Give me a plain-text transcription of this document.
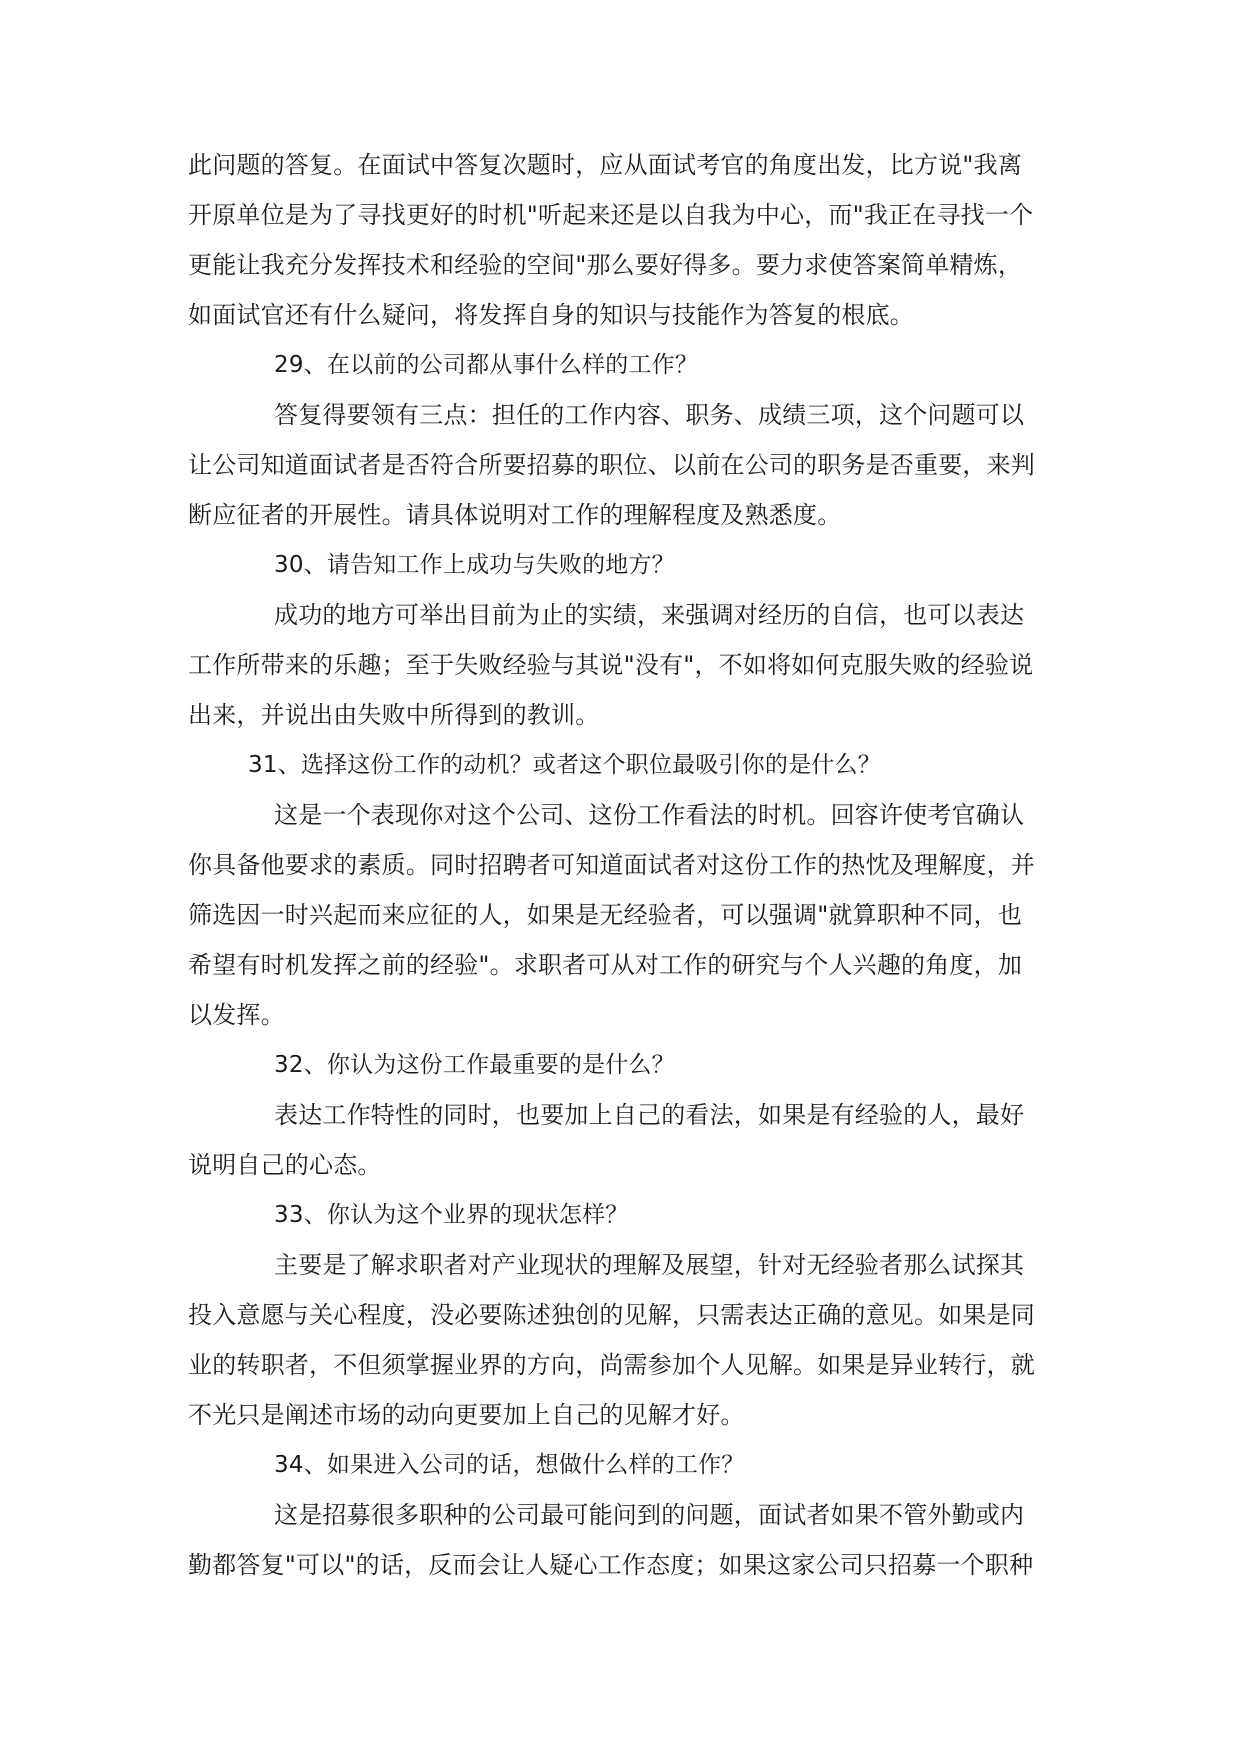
此问题的答复。在面试中答复次题时，应从面试考官的角度出发，比方说"我离
开原单位是为了寻找更好的时机"听起来还是以自我为中心，而"我正在寻找一个
更能让我充分发挥技术和经验的空间"那么要好得多。要力求使答案简单精炼，
如面试官还有什么疑问，将发挥自身的知识与技能作为答复的根底。
29、在以前的公司都从事什么样的工作？
答复得要领有三点：担任的工作内容、职务、成绩三项，这个问题可以
让公司知道面试者是否符合所要招募的职位、以前在公司的职务是否重要，来判
断应征者的开展性。请具体说明对工作的理解程度及熟悉度。
30、请告知工作上成功与失败的地方？
成功的地方可举出目前为止的实绩，来强调对经历的自信，也可以表达
工作所带来的乐趣；至于失败经验与其说"没有"，不如将如何克服失败的经验说
出来，并说出由失败中所得到的教训。
31、选择这份工作的动机？或者这个职位最吸引你的是什么？
这是一个表现你对这个公司、这份工作看法的时机。回容许使考官确认
你具备他要求的素质。同时招聘者可知道面试者对这份工作的热忱及理解度，并
筛选因一时兴起而来应征的人，如果是无经验者，可以强调"就算职种不同，也
希望有时机发挥之前的经验"。求职者可从对工作的研究与个人兴趣的角度，加
以发挥。
32、你认为这份工作最重要的是什么？
表达工作特性的同时，也要加上自己的看法，如果是有经验的人，最好
说明自己的心态。
33、你认为这个业界的现状怎样？
主要是了解求职者对产业现状的理解及展望，针对无经验者那么试探其
投入意愿与关心程度，没必要陈述独创的见解，只需表达正确的意见。如果是同
业的转职者，不但须掌握业界的方向，尚需参加个人见解。如果是异业转行，就
不光只是阐述市场的动向更要加上自己的见解才好。
34、如果进入公司的话，想做什么样的工作？
这是招募很多职种的公司最可能问到的问题，面试者如果不管外勤或内
勤都答复"可以"的话，反而会让人疑心工作态度；如果这家公司只招募一个职种
